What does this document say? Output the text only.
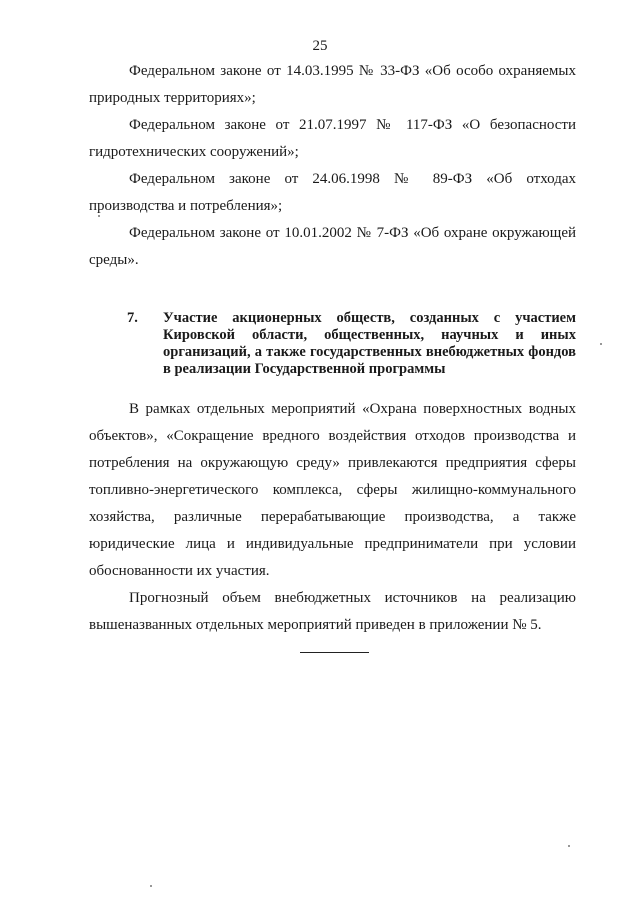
25

Федеральном законе от 14.03.1995 № 33-ФЗ «Об особо охраняемых
природных территориях»;

Федеральном законе от 21.07.1997 № 117-ФЗ «О безопасности
гидротехнических сооружений»;

Федеральном законе от 24.06.1998 № 89-ФЗ «Об отходах
производства и потребления»;

Федеральном законе от 10.01.2002 № 7-ФЗ «Об охране окружающей
среды».

7.	Участие акционерных обществ, созданных с участием Кировской области, общественных, научных и иных организаций, а также государственных внебюджетных фондов в реализации Государственной программы

В рамках отдельных мероприятий «Охрана поверхностных водных объектов», «Сокращение вредного воздействия отходов производства и потребления на окружающую среду» привлекаются предприятия сферы топливно-энергетического комплекса, сферы жилищно-коммунального хозяйства, различные перерабатывающие производства, а также юридические лица и индивидуальные предприниматели при условии обоснованности их участия.

Прогнозный объем внебюджетных источников на реализацию вышеназванных отдельных мероприятий приведен в приложении № 5.
